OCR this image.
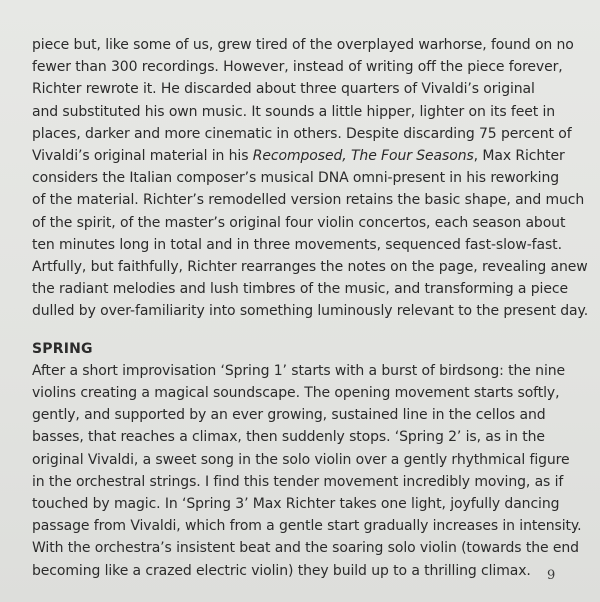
piece but, like some of us, grew tired of the overplayed warhorse, found on no
fewer than 300 recordings. However, instead of writing off the piece forever,
Richter rewrote it. He discarded about three quarters of Vivaldi’s original
and substituted his own music. It sounds a little hipper, lighter on its feet in
places, darker and more cinematic in others. Despite discarding 75 percent of
Vivaldi’s original material in his Recomposed, The Four Seasons, Max Richter
considers the Italian composer’s musical DNA omni-present in his reworking
of the material. Richter’s remodelled version retains the basic shape, and much
of the spirit, of the master’s original four violin concertos, each season about
ten minutes long in total and in three movements, sequenced fast-slow-fast.
Artfully, but faithfully, Richter rearranges the notes on the page, revealing anew
the radiant melodies and lush timbres of the music, and transforming a piece
dulled by over-familiarity into something luminously relevant to the present day.
SPRING
After a short improvisation ‘Spring 1’ starts with a burst of birdsong: the nine
violins creating a magical soundscape. The opening movement starts softly,
gently, and supported by an ever growing, sustained line in the cellos and
basses, that reaches a climax, then suddenly stops. ‘Spring 2’ is, as in the
original Vivaldi, a sweet song in the solo violin over a gently rhythmical figure
in the orchestral strings. I find this tender movement incredibly moving, as if
touched by magic. In ‘Spring 3’ Max Richter takes one light, joyfully dancing
passage from Vivaldi, which from a gentle start gradually increases in intensity.
With the orchestra’s insistent beat and the soaring solo violin (towards the end
becoming like a crazed electric violin) they build up to a thrilling climax.	9
